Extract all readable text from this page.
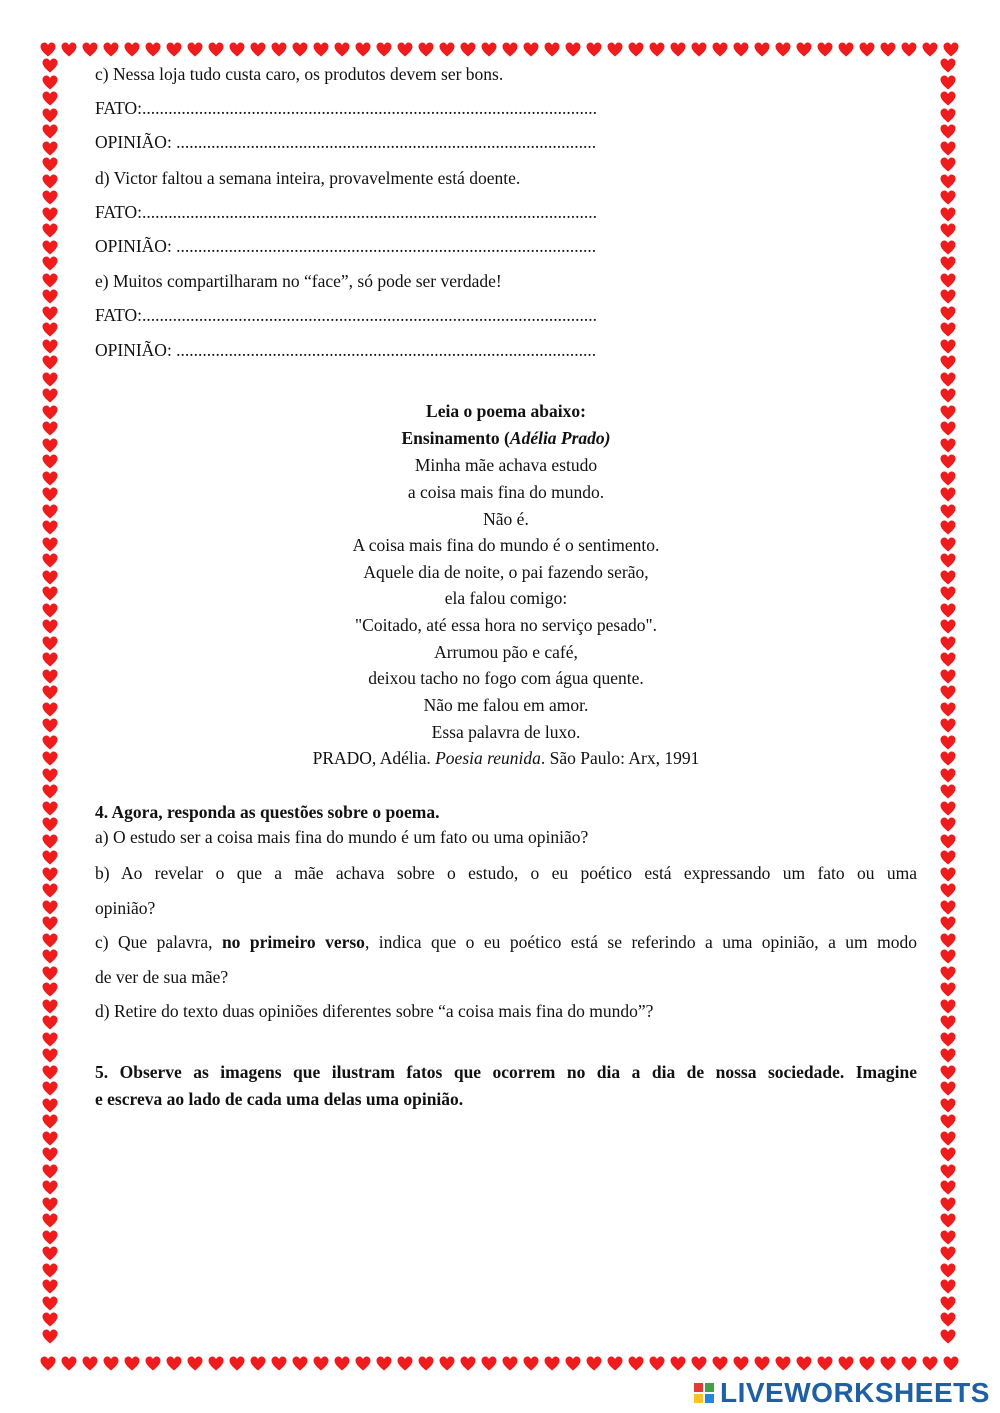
c) Nessa loja tudo custa caro, os produtos devem ser bons.
FATO:........................................................................................................
OPINIÃO: ................................................................................................
d) Victor faltou a semana inteira, provavelmente está doente.
FATO:........................................................................................................
OPINIÃO: ................................................................................................
e) Muitos compartilharam no “face”, só pode ser verdade!
FATO:........................................................................................................
OPINIÃO: ................................................................................................
Leia o poema abaixo:
Ensinamento (Adélia Prado)
Minha mãe achava estudo
a coisa mais fina do mundo.
Não é.
A coisa mais fina do mundo é o sentimento.
Aquele dia de noite, o pai fazendo serão,
ela falou comigo:
"Coitado, até essa hora no serviço pesado".
Arrumou pão e café,
deixou tacho no fogo com água quente.
Não me falou em amor.
Essa palavra de luxo.
PRADO, Adélia. Poesia reunida. São Paulo: Arx, 1991
4. Agora, responda as questões sobre o poema.
a) O estudo ser a coisa mais fina do mundo é um fato ou uma opinião?
b) Ao revelar o que a mãe achava sobre o estudo, o eu poético está expressando um fato ou uma
opinião?
c) Que palavra, no primeiro verso, indica que o eu poético está se referindo a uma opinião, a um modo
de ver de sua mãe?
d) Retire do texto duas opiniões diferentes sobre “a coisa mais fina do mundo”?
5. Observe as imagens que ilustram fatos que ocorrem no dia a dia de nossa sociedade. Imagine
e escreva ao lado de cada uma delas uma opinião.
LIVEWORKSHEETS
